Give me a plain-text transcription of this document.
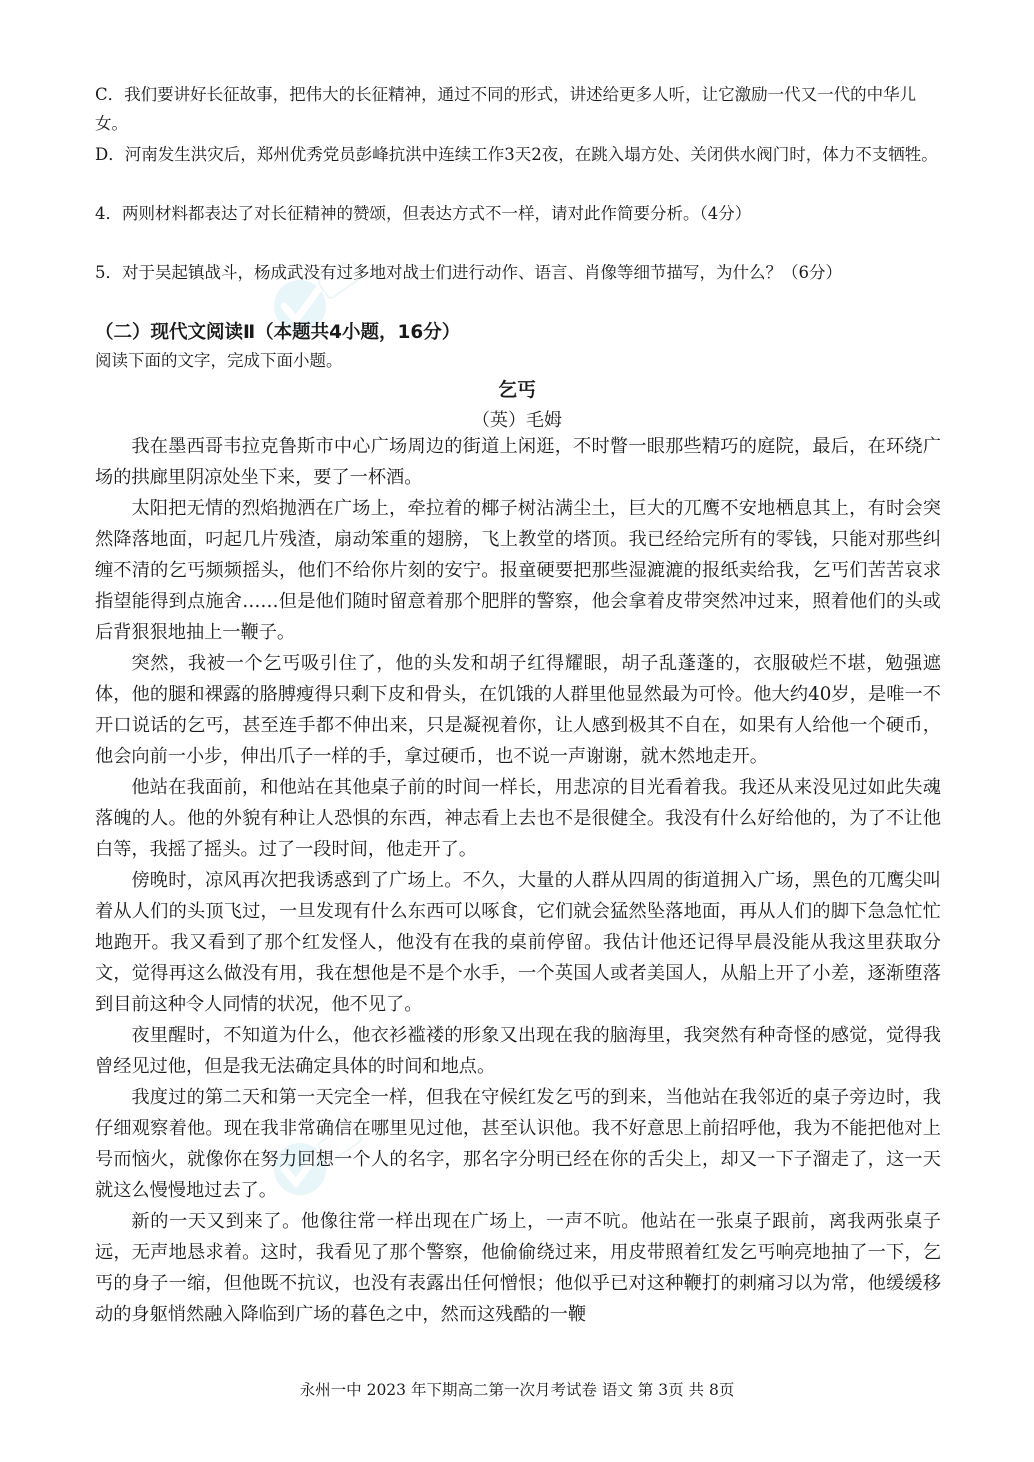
C．我们要讲好长征故事，把伟大的长征精神，通过不同的形式，讲述给更多人听，让它激励一代又一代的中华儿女。
D．河南发生洪灾后，郑州优秀党员彭峰抗洪中连续工作3天2夜，在跳入塌方处、关闭供水阀门时，体力不支牺牲。
4．两则材料都表达了对长征精神的赞颂，但表达方式不一样，请对此作简要分析。（4分）
5．对于吴起镇战斗，杨成武没有过多地对战士们进行动作、语言、肖像等细节描写，为什么？（6分）
（二）现代文阅读Ⅱ（本题共4小题，16分）
阅读下面的文字，完成下面小题。
乞丐
（英）毛姆

我在墨西哥韦拉克鲁斯市中心广场周边的街道上闲逛，不时瞥一眼那些精巧的庭院，最后，在环绕广场的拱廊里阴凉处坐下来，要了一杯酒。

太阳把无情的烈焰抛洒在广场上，牵拉着的椰子树沾满尘土，巨大的兀鹰不安地栖息其上，有时会突然降落地面，叼起几片残渣，扇动笨重的翅膀，飞上教堂的塔顶。我已经给完所有的零钱，只能对那些纠缠不清的乞丐频频摇头，他们不给你片刻的安宁。报童硬要把那些湿漉漉的报纸卖给我，乞丐们苦苦哀求指望能得到点施舍……但是他们随时留意着那个肥胖的警察，他会拿着皮带突然冲过来，照着他们的头或后背狠狠地抽上一鞭子。

突然，我被一个乞丐吸引住了，他的头发和胡子红得耀眼，胡子乱蓬蓬的，衣服破烂不堪，勉强遮体，他的腿和裸露的胳膊瘦得只剩下皮和骨头，在饥饿的人群里他显然最为可怜。他大约40岁，是唯一不开口说话的乞丐，甚至连手都不伸出来，只是凝视着你，让人感到极其不自在，如果有人给他一个硬币，他会向前一小步，伸出爪子一样的手，拿过硬币，也不说一声谢谢，就木然地走开。

他站在我面前，和他站在其他桌子前的时间一样长，用悲凉的目光看着我。我还从来没见过如此失魂落魄的人。他的外貌有种让人恐惧的东西，神志看上去也不是很健全。我没有什么好给他的，为了不让他白等，我摇了摇头。过了一段时间，他走开了。

傍晚时，凉风再次把我诱惑到了广场上。不久，大量的人群从四周的街道拥入广场，黑色的兀鹰尖叫着从人们的头顶飞过，一旦发现有什么东西可以啄食，它们就会猛然坠落地面，再从人们的脚下急急忙忙地跑开。我又看到了那个红发怪人，他没有在我的桌前停留。我估计他还记得早晨没能从我这里获取分文，觉得再这么做没有用，我在想他是不是个水手，一个英国人或者美国人，从船上开了小差，逐渐堕落到目前这种令人同情的状况，他不见了。

夜里醒时，不知道为什么，他衣衫褴褛的形象又出现在我的脑海里，我突然有种奇怪的感觉，觉得我曾经见过他，但是我无法确定具体的时间和地点。

我度过的第二天和第一天完全一样，但我在守候红发乞丐的到来，当他站在我邻近的桌子旁边时，我仔细观察着他。现在我非常确信在哪里见过他，甚至认识他。我不好意思上前招呼他，我为不能把他对上号而恼火，就像你在努力回想一个人的名字，那名字分明已经在你的舌尖上，却又一下子溜走了，这一天就这么慢慢地过去了。

新的一天又到来了。他像往常一样出现在广场上，一声不吭。他站在一张桌子跟前，离我两张桌子远，无声地恳求着。这时，我看见了那个警察，他偷偷绕过来，用皮带照着红发乞丐响亮地抽了一下，乞丐的身子一缩，但他既不抗议，也没有表露出任何憎恨；他似乎已对这种鞭打的刺痛习以为常，他缓缓移动的身躯悄然融入降临到广场的暮色之中，然而这残酷的一鞭

永州一中 2023 年下期高二第一次月考试卷 语文 第 3页 共 8页
